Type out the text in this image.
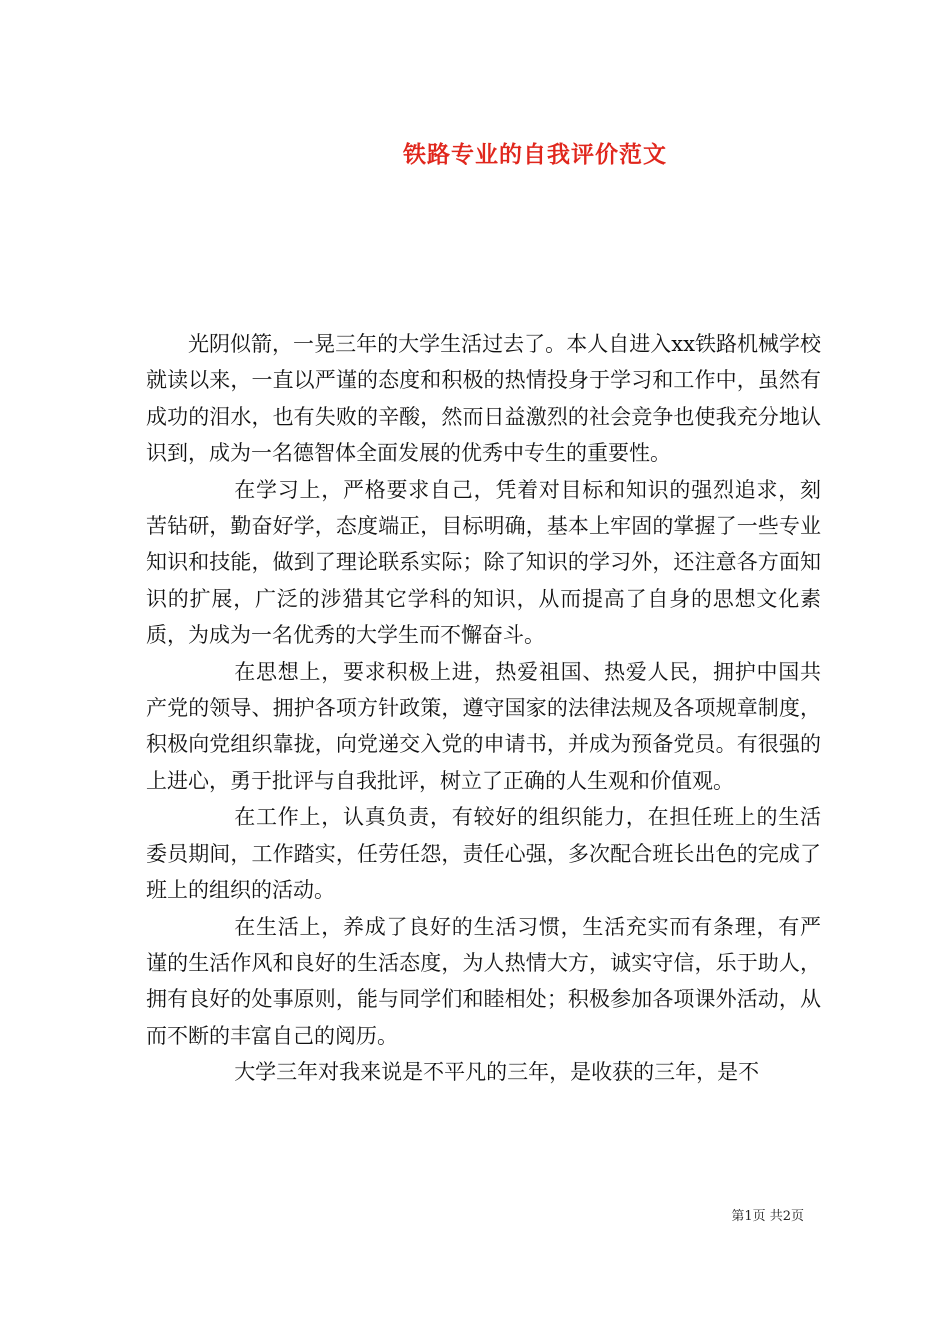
铁路专业的自我评价范文

光阴似箭，一晃三年的大学生活过去了。本人自进入xx铁路机械学校就读以来，一直以严谨的态度和积极的热情投身于学习和工作中，虽然有成功的泪水，也有失败的辛酸，然而日益激烈的社会竞争也使我充分地认识到，成为一名德智体全面发展的优秀中专生的重要性。

在学习上，严格要求自己，凭着对目标和知识的强烈追求，刻苦钻研，勤奋好学，态度端正，目标明确，基本上牢固的掌握了一些专业知识和技能，做到了理论联系实际；除了知识的学习外，还注意各方面知识的扩展，广泛的涉猎其它学科的知识，从而提高了自身的思想文化素质，为成为一名优秀的大学生而不懈奋斗。

在思想上，要求积极上进，热爱祖国、热爱人民，拥护中国共产党的领导、拥护各项方针政策，遵守国家的法律法规及各项规章制度，积极向党组织靠拢，向党递交入党的申请书，并成为预备党员。有很强的上进心，勇于批评与自我批评，树立了正确的人生观和价值观。

在工作上，认真负责，有较好的组织能力，在担任班上的生活委员期间，工作踏实，任劳任怨，责任心强，多次配合班长出色的完成了班上的组织的活动。

在生活上，养成了良好的生活习惯，生活充实而有条理，有严谨的生活作风和良好的生活态度，为人热情大方，诚实守信，乐于助人，拥有良好的处事原则，能与同学们和睦相处；积极参加各项课外活动，从而不断的丰富自己的阅历。

大学三年对我来说是不平凡的三年，是收获的三年，是不

第1页 共2页
